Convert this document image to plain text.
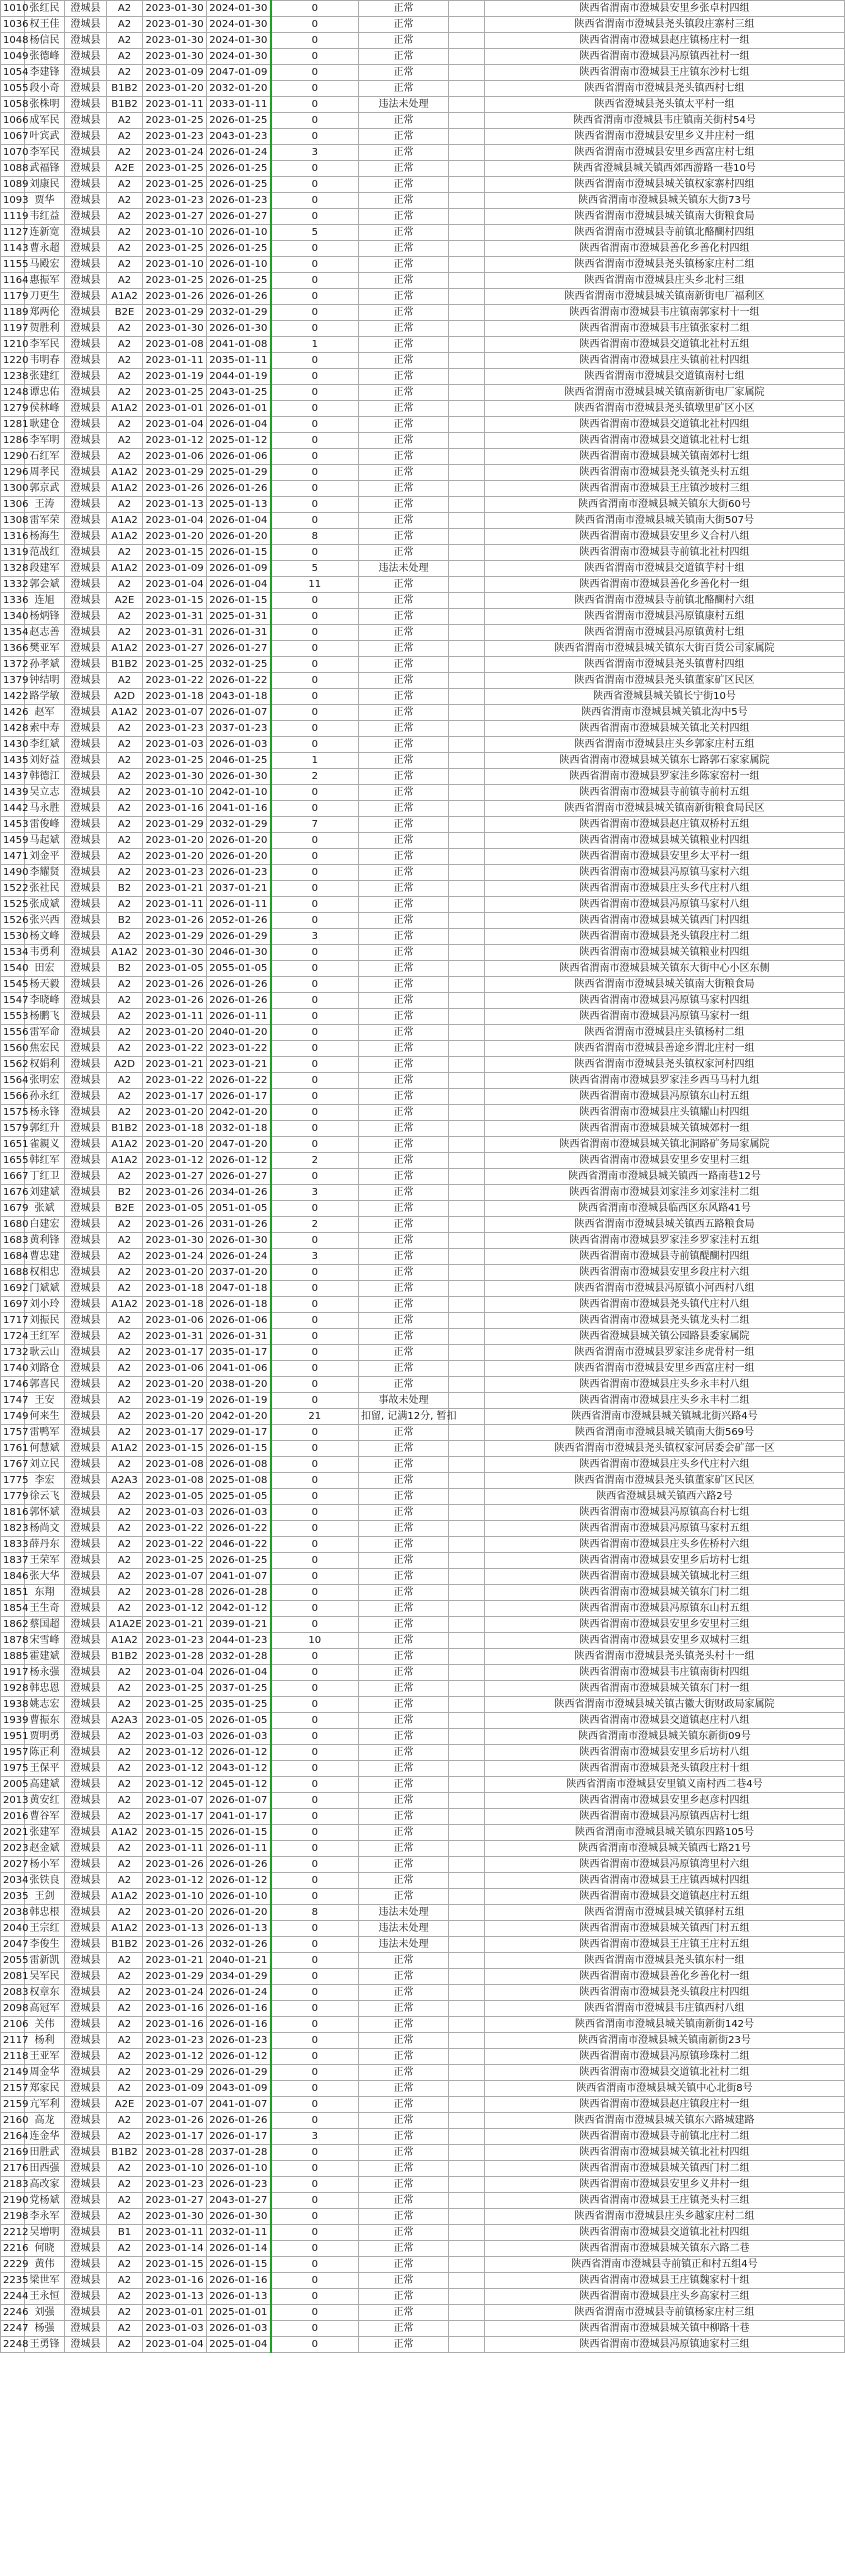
1010	张红民	澄城县	A2	2023-01-30	2024-01-30	0	正常		陕西省渭南市澄城县安里乡张卓村四组
1036	权王佳	澄城县	A2	2023-01-30	2024-01-30	0	正常		陕西省渭南市澄城县尧头镇段庄寨村三组
1048	杨信民	澄城县	A2	2023-01-30	2024-01-30	0	正常		陕西省渭南市澄城县赵庄镇杨庄村一组
1049	张德峰	澄城县	A2	2023-01-30	2024-01-30	0	正常		陕西省渭南市澄城县冯原镇西社村一组
1054	李建锋	澄城县	A2	2023-01-09	2047-01-09	0	正常		陕西省渭南市澄城县王庄镇东沙村七组
1055	段小奇	澄城县	B1B2	2023-01-20	2032-01-20	0	正常		陕西省渭南市澄城县尧头镇西村七组
1058	张株明	澄城县	B1B2	2023-01-11	2033-01-11	0	违法未处理		陕西省澄城县尧头镇太平村一组
1066	成军民	澄城县	A2	2023-01-25	2026-01-25	0	正常		陕西省渭南市澄城县韦庄镇南关街村54号
1067	叶宾武	澄城县	A2	2023-01-23	2043-01-23	0	正常		陕西省渭南市澄城县安里乡义井庄村一组
1070	李军民	澄城县	A2	2023-01-24	2026-01-24	3	正常		陕西省渭南市澄城县安里乡西富庄村七组
1088	武福锋	澄城县	A2E	2023-01-25	2026-01-25	0	正常		陕西省澄城县城关镇西郊西游路一巷10号
1089	刘康民	澄城县	A2	2023-01-25	2026-01-25	0	正常		陕西省渭南市澄城县城关镇权家寨村四组
1093	贾华	澄城县	A2	2023-01-23	2026-01-23	0	正常		陕西省渭南市澄城县城关镇东大街73号
1119	韦红益	澄城县	A2	2023-01-27	2026-01-27	0	正常		陕西省渭南市澄城县城关镇南大街粮食局
1127	连新宽	澄城县	A2	2023-01-10	2026-01-10	5	正常		陕西省渭南市澄城县寺前镇北酪醐村四组
1143	曹永超	澄城县	A2	2023-01-25	2026-01-25	0	正常		陕西省渭南市澄城县善化乡善化村四组
1155	马殿宏	澄城县	A2	2023-01-10	2026-01-10	0	正常		陕西省渭南市澄城县尧头镇杨家庄村二组
1164	惠振军	澄城县	A2	2023-01-25	2026-01-25	0	正常		陕西省渭南市澄城县庄头乡北村三组
1179	刀更生	澄城县	A1A2	2023-01-26	2026-01-26	0	正常		陕西省渭南市澄城县城关镇南新街电厂福利区
1189	郑两伦	澄城县	B2E	2023-01-29	2032-01-29	0	正常		陕西省渭南市澄城县韦庄镇南郭家村十一组
1197	贺胜利	澄城县	A2	2023-01-30	2026-01-30	0	正常		陕西省渭南市澄城县韦庄镇张家村二组
1210	李军民	澄城县	A2	2023-01-08	2041-01-08	1	正常		陕西省渭南市澄城县交道镇北社村五组
1220	韦明春	澄城县	A2	2023-01-11	2035-01-11	0	正常		陕西省渭南市澄城县庄头镇前社村四组
1238	张建红	澄城县	A2	2023-01-19	2044-01-19	0	正常		陕西省渭南市澄城县交道镇南村七组
1248	谭忠佑	澄城县	A2	2023-01-25	2043-01-25	0	正常		陕西省渭南市澄城县城关镇南新街电厂家属院
1279	侯林峰	澄城县	A1A2	2023-01-01	2026-01-01	0	正常		陕西省渭南市澄城县尧头镇墩里矿区小区
1281	耿建仓	澄城县	A2	2023-01-04	2026-01-04	0	正常		陕西省渭南市澄城县交道镇北社村四组
1286	李军明	澄城县	A2	2023-01-12	2025-01-12	0	正常		陕西省渭南市澄城县交道镇北社村七组
1290	石红军	澄城县	A2	2023-01-06	2026-01-06	0	正常		陕西省渭南市澄城县城关镇南郊村七组
1296	周孝民	澄城县	A1A2	2023-01-29	2025-01-29	0	正常		陕西省渭南市澄城县尧头镇尧头村五组
1300	郭京武	澄城县	A1A2	2023-01-26	2026-01-26	0	正常		陕西省渭南市澄城县王庄镇沙坡村三组
1306	王涛	澄城县	A2	2023-01-13	2025-01-13	0	正常		陕西省渭南市澄城县城关镇东大街60号
1308	雷军荣	澄城县	A1A2	2023-01-04	2026-01-04	0	正常		陕西省渭南市澄城县城关镇南大街507号
1316	杨海生	澄城县	A1A2	2023-01-20	2026-01-20	8	正常		陕西省渭南市澄城县安里乡义合村八组
1319	范战红	澄城县	A2	2023-01-15	2026-01-15	0	正常		陕西省渭南市澄城县寺前镇北社村四组
1328	段建军	澄城县	A1A2	2023-01-09	2026-01-09	5	违法未处理		陕西省渭南市澄城县交道镇芋村十组
1332	郭会斌	澄城县	A2	2023-01-04	2026-01-04	11	正常		陕西省渭南市澄城县善化乡善化村一组
1336	连旭	澄城县	A2E	2023-01-15	2026-01-15	0	正常		陕西省渭南市澄城县寺前镇北酪醐村六组
1340	杨炳锋	澄城县	A2	2023-01-31	2025-01-31	0	正常		陕西省渭南市澄城县冯原镇康村五组
1354	赵志善	澄城县	A2	2023-01-31	2026-01-31	0	正常		陕西省渭南市澄城县冯原镇黄村七组
1366	樊亚军	澄城县	A1A2	2023-01-27	2026-01-27	0	正常		陕西省渭南市澄城县城关镇东大街百货公司家属院
1372	孙孝斌	澄城县	B1B2	2023-01-25	2032-01-25	0	正常		陕西省渭南市澄城县尧头镇曹村四组
1379	钟结明	澄城县	A2	2023-01-22	2026-01-22	0	正常		陕西省渭南市澄城县尧头镇董家矿区民区
1422	路学敏	澄城县	A2D	2023-01-18	2043-01-18	0	正常		陕西省澄城县城关镇长宁街10号
1426	赵军	澄城县	A1A2	2023-01-07	2026-01-07	0	正常		陕西省渭南市澄城县城关镇北沟中5号
1428	索中寿	澄城县	A2	2023-01-23	2037-01-23	0	正常		陕西省渭南市澄城县城关镇北关村四组
1430	李红斌	澄城县	A2	2023-01-03	2026-01-03	0	正常		陕西省渭南市澄城县庄头乡郭家庄村五组
1435	刘好益	澄城县	A2	2023-01-25	2046-01-25	1	正常		陕西省渭南市澄城县城关镇东七路郭石家家属院
1437	韩德江	澄城县	A2	2023-01-30	2026-01-30	2	正常		陕西省渭南市澄城县罗家洼乡陈家窑村一组
1439	吴立志	澄城县	A2	2023-01-10	2042-01-10	0	正常		陕西省渭南市澄城县寺前镇寺前村五组
1442	马永胜	澄城县	A2	2023-01-16	2041-01-16	0	正常		陕西省渭南市澄城县城关镇南新街粮食局民区
1453	雷俊峰	澄城县	A2	2023-01-29	2032-01-29	7	正常		陕西省渭南市澄城县赵庄镇双桥村五组
1459	马起斌	澄城县	A2	2023-01-20	2026-01-20	0	正常		陕西省渭南市澄城县城关镇粮业村四组
1471	刘金平	澄城县	A2	2023-01-20	2026-01-20	0	正常		陕西省渭南市澄城县安里乡太平村一组
1490	李耀贤	澄城县	A2	2023-01-23	2026-01-23	0	正常		陕西省渭南市澄城县冯原镇马家村六组
1522	张社民	澄城县	B2	2023-01-21	2037-01-21	0	正常		陕西省渭南市澄城县庄头乡代庄村八组
1525	张成斌	澄城县	A2	2023-01-11	2026-01-11	0	正常		陕西省渭南市澄城县冯原镇马家村八组
1526	张兴西	澄城县	B2	2023-01-26	2052-01-26	0	正常		陕西省渭南市澄城县城关镇西门村四组
1530	杨文峰	澄城县	A2	2023-01-29	2026-01-29	3	正常		陕西省渭南市澄城县尧头镇段庄村二组
1534	韦勇利	澄城县	A1A2	2023-01-30	2046-01-30	0	正常		陕西省渭南市澄城县城关镇粮业村四组
1540	田宏	澄城县	B2	2023-01-05	2055-01-05	0	正常		陕西省渭南市澄城县城关镇东大街中心小区东侧
1545	杨天毅	澄城县	A2	2023-01-26	2026-01-26	0	正常		陕西省渭南市澄城县城关镇南大街粮食局
1547	李晓峰	澄城县	A2	2023-01-26	2026-01-26	0	正常		陕西省渭南市澄城县冯原镇马家村四组
1553	杨鹏飞	澄城县	A2	2023-01-11	2026-01-11	0	正常		陕西省渭南市澄城县冯原镇马家村一组
1556	雷军命	澄城县	A2	2023-01-20	2040-01-20	0	正常		陕西省渭南市澄城县庄头镇杨村二组
1560	焦宏民	澄城县	A2	2023-01-22	2023-01-22	0	正常		陕西省渭南市澄城县善途乡渭北庄村一组
1562	权娟利	澄城县	A2D	2023-01-21	2023-01-21	0	正常		陕西省渭南市澄城县尧头镇权家河村四组
1564	张明宏	澄城县	A2	2023-01-22	2026-01-22	0	正常		陕西省渭南市澄城县罗家洼乡西马马村九组
1566	孙永红	澄城县	A2	2023-01-17	2026-01-17	0	正常		陕西省渭南市澄城县冯原镇东山村五组
1575	杨永锋	澄城县	A2	2023-01-20	2042-01-20	0	正常		陕西省渭南市澄城县庄头镇耀山村四组
1579	郭红升	澄城县	B1B2	2023-01-18	2032-01-18	0	正常		陕西省渭南市澄城县城关镇城郊村一组
1651	雀親义	澄城县	A1A2	2023-01-20	2047-01-20	0	正常		陕西省渭南市澄城县城关镇北洞路矿务局家属院
1655	韩红军	澄城县	A1A2	2023-01-12	2026-01-12	2	正常		陕西省渭南市澄城县安里乡安里村三组
1667	丁红卫	澄城县	A2	2023-01-27	2026-01-27	0	正常		陕西省渭南市澄城县城关镇西一路南巷12号
1676	刘建斌	澄城县	B2	2023-01-26	2034-01-26	3	正常		陕西省渭南市澄城县刘家洼乡刘家洼村二组
1679	张斌	澄城县	B2E	2023-01-05	2051-01-05	0	正常		陕西省渭南市澄城县临西区东风路41号
1680	白建宏	澄城县	A2	2023-01-26	2031-01-26	2	正常		陕西省渭南市澄城县城关镇西五路粮食局
1683	黄利锋	澄城县	A2	2023-01-30	2026-01-30	0	正常		陕西省渭南市澄城县罗家洼乡罗家洼村五组
1684	曹忠建	澄城县	A2	2023-01-24	2026-01-24	3	正常		陕西省渭南市澄城县寺前镇醍醐村四组
1688	权相忠	澄城县	A2	2023-01-20	2037-01-20	0	正常		陕西省渭南市澄城县安里乡段庄村六组
1692	门斌斌	澄城县	A2	2023-01-18	2047-01-18	0	正常		陕西省渭南市澄城县冯原镇小河西村八组
1697	刘小玲	澄城县	A1A2	2023-01-18	2026-01-18	0	正常		陕西省渭南市澄城县尧头镇代庄村八组
1717	刘振民	澄城县	A2	2023-01-06	2026-01-06	0	正常		陕西省渭南市澄城县尧头镇龙头村二组
1724	王红军	澄城县	A2	2023-01-31	2026-01-31	0	正常		陕西省澄城县城关镇公园路县委家属院
1732	耿云山	澄城县	A2	2023-01-17	2035-01-17	0	正常		陕西省渭南市澄城县罗家洼乡虎骨村一组
1740	刘路仓	澄城县	A2	2023-01-06	2041-01-06	0	正常		陕西省渭南市澄城县安里乡西富庄村一组
1746	郭喜民	澄城县	A2	2023-01-20	2038-01-20	0	正常		陕西省渭南市澄城县庄头乡永丰村八组
1747	王安	澄城县	A2	2023-01-19	2026-01-19	0	事故未处理		陕西省渭南市澄城县庄头乡永丰村二组
1749	何来生	澄城县	A2	2023-01-20	2042-01-20	21	扣留, 记满12分, 暂扣		陕西省渭南市澄城县城关镇城北街兴路4号
1757	雷鸭军	澄城县	A2	2023-01-17	2029-01-17	0	正常		陕西省渭南市澄城县城关镇南大街569号
1761	何慧斌	澄城县	A1A2	2023-01-15	2026-01-15	0	正常		陕西省渭南市澄城县尧头镇权家河居委会矿部一区
1767	刘立民	澄城县	A2	2023-01-08	2026-01-08	0	正常		陕西省渭南市澄城县庄头乡代庄村六组
1775	李宏	澄城县	A2A3	2023-01-08	2025-01-08	0	正常		陕西省渭南市澄城县尧头镇董家矿区民区
1779	徐云飞	澄城县	A2	2023-01-05	2025-01-05	0	正常		陕西省澄城县城关镇西六路2号
1816	郭怀斌	澄城县	A2	2023-01-03	2026-01-03	0	正常		陕西省渭南市澄城县冯原镇高台村七组
1823	杨尚文	澄城县	A2	2023-01-22	2026-01-22	0	正常		陕西省渭南市澄城县冯原镇马家村五组
1833	薛丹东	澄城县	A2	2023-01-22	2046-01-22	0	正常		陕西省渭南市澄城县庄头乡佐桥村六组
1837	王荣军	澄城县	A2	2023-01-25	2026-01-25	0	正常		陕西省渭南市澄城县安里乡后坊村七组
1846	张大华	澄城县	A2	2023-01-07	2041-01-07	0	正常		陕西省渭南市澄城县城关镇城北村三组
1851	东翔	澄城县	A2	2023-01-28	2026-01-28	0	正常		陕西省渭南市澄城县城关镇东门村二组
1854	王生奇	澄城县	A2	2023-01-12	2042-01-12	0	正常		陕西省渭南市澄城县冯原镇东山村五组
1862	蔡国超	澄城县	A1A2E	2023-01-21	2039-01-21	0	正常		陕西省渭南市澄城县安里乡安里村三组
1878	宋雪峰	澄城县	A1A2	2023-01-23	2044-01-23	10	正常		陕西省渭南市澄城县安里乡双城村三组
1885	霍建斌	澄城县	B1B2	2023-01-28	2032-01-28	0	正常		陕西省渭南市澄城县尧头镇尧头村十一组
1917	杨永强	澄城县	A2	2023-01-04	2026-01-04	0	正常		陕西省渭南市澄城县韦庄镇南街村四组
1928	韩忠恩	澄城县	A2	2023-01-25	2037-01-25	0	正常		陕西省渭南市澄城县城关镇东门村一组
1938	姚志宏	澄城县	A2	2023-01-25	2035-01-25	0	正常		陕西省渭南市澄城县城关镇古徽大街财政局家属院
1939	曹振东	澄城县	A2A3	2023-01-05	2026-01-05	0	正常		陕西省渭南市澄城县交道镇赵庄村八组
1951	贾明勇	澄城县	A2	2023-01-03	2026-01-03	0	正常		陕西省渭南市澄城县城关镇东新街09号
1957	陈正利	澄城县	A2	2023-01-12	2026-01-12	0	正常		陕西省渭南市澄城县安里乡后坊村八组
1975	王保平	澄城县	A2	2023-01-12	2043-01-12	0	正常		陕西省渭南市澄城县尧头镇段庄村十组
2005	高建斌	澄城县	A2	2023-01-12	2045-01-12	0	正常		陕西省渭南市澄城县安里镇义南村西二巷4号
2013	黄安红	澄城县	A2	2023-01-07	2026-01-07	0	正常		陕西省渭南市澄城县安里乡赵彦村四组
2016	曹谷军	澄城县	A2	2023-01-17	2041-01-17	0	正常		陕西省渭南市澄城县冯原镇西店村七组
2021	张建军	澄城县	A1A2	2023-01-15	2026-01-15	0	正常		陕西省渭南市澄城县城关镇东四路105号
2023	赵金斌	澄城县	A2	2023-01-11	2026-01-11	0	正常		陕西省渭南市澄城县城关镇西七路21号
2027	杨小军	澄城县	A2	2023-01-26	2026-01-26	0	正常		陕西省渭南市澄城县冯原镇湾里村六组
2034	张铁良	澄城县	A2	2023-01-12	2026-01-12	0	正常		陕西省渭南市澄城县王庄镇西城村四组
2035	王剑	澄城县	A1A2	2023-01-10	2026-01-10	0	正常		陕西省渭南市澄城县交道镇赵庄村五组
2038	韩忠根	澄城县	A2	2023-01-20	2026-01-20	8	违法未处理		陕西省渭南市澄城县城关镇驿村五组
2040	王宗红	澄城县	A1A2	2023-01-13	2026-01-13	0	违法未处理		陕西省渭南市澄城县城关镇西门村五组
2047	李俊生	澄城县	B1B2	2023-01-26	2032-01-26	0	违法未处理		陕西省渭南市澄城县王庄镇王庄村五组
2055	雷新凯	澄城县	A2	2023-01-21	2040-01-21	0	正常		陕西省渭南市澄城县尧头镇东村一组
2081	吴军民	澄城县	A2	2023-01-29	2034-01-29	0	正常		陕西省渭南市澄城县善化乡善化村一组
2083	权章东	澄城县	A2	2023-01-24	2026-01-24	0	正常		陕西省渭南市澄城县尧头镇段庄村四组
2098	高冠军	澄城县	A2	2023-01-16	2026-01-16	0	正常		陕西省渭南市澄城县韦庄镇西村八组
2106	关伟	澄城县	A2	2023-01-16	2026-01-16	0	正常		陕西省渭南市澄城县城关镇南新街142号
2117	杨利	澄城县	A2	2023-01-23	2026-01-23	0	正常		陕西省渭南市澄城县城关镇南新街23号
2118	王亚军	澄城县	A2	2023-01-12	2026-01-12	0	正常		陕西省渭南市澄城县冯原镇珍珠村二组
2149	周金华	澄城县	A2	2023-01-29	2026-01-29	0	正常		陕西省渭南市澄城县交道镇北社村二组
2157	郑家民	澄城县	A2	2023-01-09	2043-01-09	0	正常		陕西省渭南市澄城县城关镇中心北街8号
2159	亢军利	澄城县	A2E	2023-01-07	2041-01-07	0	正常		陕西省渭南市澄城县赵庄镇段庄村一组
2160	高龙	澄城县	A2	2023-01-26	2026-01-26	0	正常		陕西省渭南市澄城县城关镇东六路城建路
2164	连金华	澄城县	A2	2023-01-17	2026-01-17	3	正常		陕西省渭南市澄城县寺前镇北庄村二组
2169	田胜武	澄城县	B1B2	2023-01-28	2037-01-28	0	正常		陕西省渭南市澄城县城关镇北社村四组
2176	田西强	澄城县	A2	2023-01-10	2026-01-10	0	正常		陕西省渭南市澄城县城关镇西门村二组
2183	高改家	澄城县	A2	2023-01-23	2026-01-23	0	正常		陕西省渭南市澄城县安里乡义井村一组
2190	党杨斌	澄城县	A2	2023-01-27	2043-01-27	0	正常		陕西省渭南市澄城县王庄镇尧头村三组
2198	李永军	澄城县	A2	2023-01-30	2026-01-30	0	正常		陕西省渭南市澄城县庄头乡越家庄村二组
2212	吴增明	澄城县	B1	2023-01-11	2032-01-11	0	正常		陕西省渭南市澄城县交道镇北社村四组
2216	何晓	澄城县	A2	2023-01-14	2026-01-14	0	正常		陕西省渭南市澄城县城关镇东六路二巷
2229	黄伟	澄城县	A2	2023-01-15	2026-01-15	0	正常		陕西省渭南市澄城县寺前镇正和村五组4号
2235	梁世军	澄城县	A2	2023-01-16	2026-01-16	0	正常		陕西省渭南市澄城县王庄镇魏家村十组
2244	王永恒	澄城县	A2	2023-01-13	2026-01-13	0	正常		陕西省渭南市澄城县庄头乡高家村三组
2246	刘强	澄城县	A2	2023-01-01	2025-01-01	0	正常		陕西省渭南市澄城县寺前镇杨家庄村三组
2247	杨强	澄城县	A2	2023-01-03	2026-01-03	0	正常		陕西省渭南市澄城县城关镇中柳路十巷
2248	王勇锋	澄城县	A2	2023-01-04	2025-01-04	0	正常		陕西省渭南市澄城县冯原镇迪家村三组
